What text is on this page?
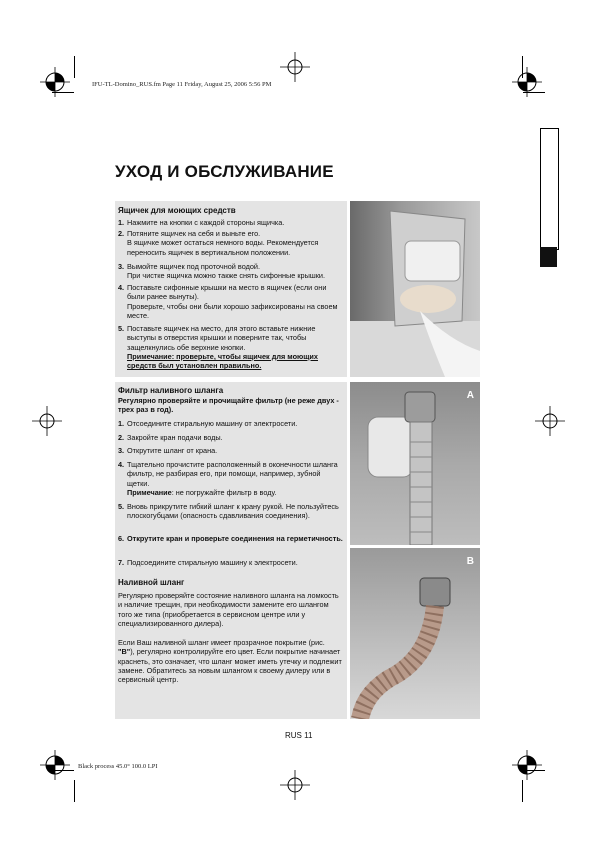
IFU-TL-Domino_RUS.fm Page 11 Friday, August 25, 2006 5:56 PM
Black process 45.0° 100.0 LPI
УХОД И ОБСЛУЖИВАНИЕ
Ящичек для моющих средств
1. Нажмите на кнопки с каждой стороны ящичка.
2. Потяните ящичек на себя и выньте его.
В ящичке может остаться немного воды. Рекомендуется переносить ящичек в вертикальном положении.
3. Вымойте ящичек под проточной водой.
При чистке ящичка можно также снять сифонные крышки.
4. Поставьте сифонные крышки на место в ящичек (если они были ранее вынуты).
Проверьте, чтобы они были хорошо зафиксированы на своем месте.
5. Поставьте ящичек на место, для этого вставьте нижние выступы в отверстия крышки и поверните так, чтобы защелкнулись обе верхние кнопки.
Примечание: проверьте, чтобы ящичек для моющих средств был установлен правильно.
Фильтр наливного шланга
Регулярно проверяйте и прочищайте фильтр (не реже двух - трех раз в год).
1. Отсоедините стиральную машину от электросети.
2. Закройте кран подачи воды.
3. Открутите шланг от крана.
4. Тщательно прочистите расположенный в оконечности шланга фильтр, не разбирая его, при помощи, например, зубной щетки.
Примечание: не погружайте фильтр в воду.
5. Вновь прикрутите гибкий шланг к крану рукой. Не пользуйтесь плоскогубцами (опасность сдавливания соединения).
6. Открутите кран и проверьте соединения на герметичность.
7. Подсоедините стиральную машину к электросети.
Наливной шланг
Регулярно проверяйте состояние наливного шланга на ломкость и наличие трещин, при необходимости замените его шлангом того же типа (приобретается в сервисном центре или у специализированного дилера).
Если Ваш наливной шланг имеет прозрачное покрытие (рис. "B"), регулярно контролируйте его цвет. Если покрытие начинает краснеть, это означает, что шланг может иметь утечку и подлежит замене. Обратитесь за новым шлангом к своему дилеру или в сервисный центр.
A
B
RUS 11
